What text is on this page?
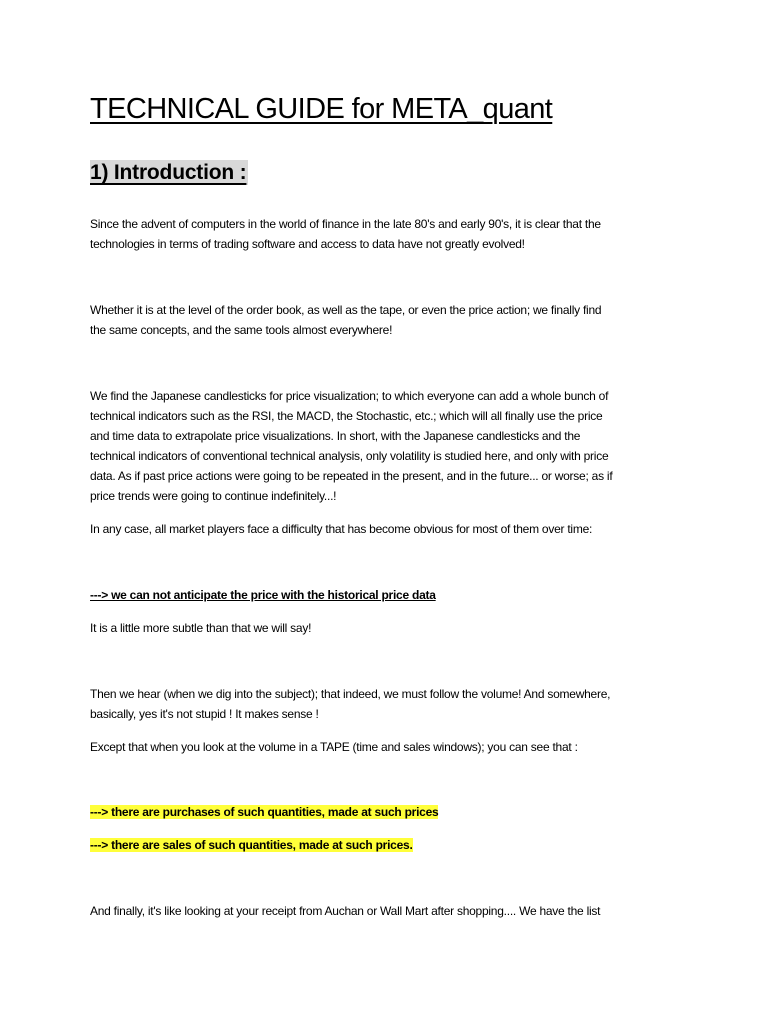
TECHNICAL GUIDE for META_quant
1) Introduction :

Since the advent of computers in the world of finance in the late 80's and early 90's, it is clear that the

technologies in terms of trading software and access to data have not greatly evolved!

Whether it is at the level of the order book, as well as the tape, or even the price action; we finally find

the same concepts, and the same tools almost everywhere!

We find the Japanese candlesticks for price visualization; to which everyone can add a whole bunch of

technical indicators such as the RSI, the MACD, the Stochastic, etc.; which will all finally use the price

and time data to extrapolate price visualizations. In short, with the Japanese candlesticks and the

technical indicators of conventional technical analysis, only volatility is studied here, and only with price

data. As if past price actions were going to be repeated in the present, and in the future... or worse; as if

price trends were going to continue indefinitely...!

In any case, all market players face a difficulty that has become obvious for most of them over time:

---> we can not anticipate the price with the historical price data

It is a little more subtle than that we will say!

Then we hear (when we dig into the subject); that indeed, we must follow the volume! And somewhere,

basically, yes it's not stupid ! It makes sense !

Except that when you look at the volume in a TAPE (time and sales windows); you can see that :

---> there are purchases of such quantities, made at such prices

---> there are sales of such quantities, made at such prices.

And finally, it's like looking at your receipt from Auchan or Wall Mart after shopping.... We have the list
